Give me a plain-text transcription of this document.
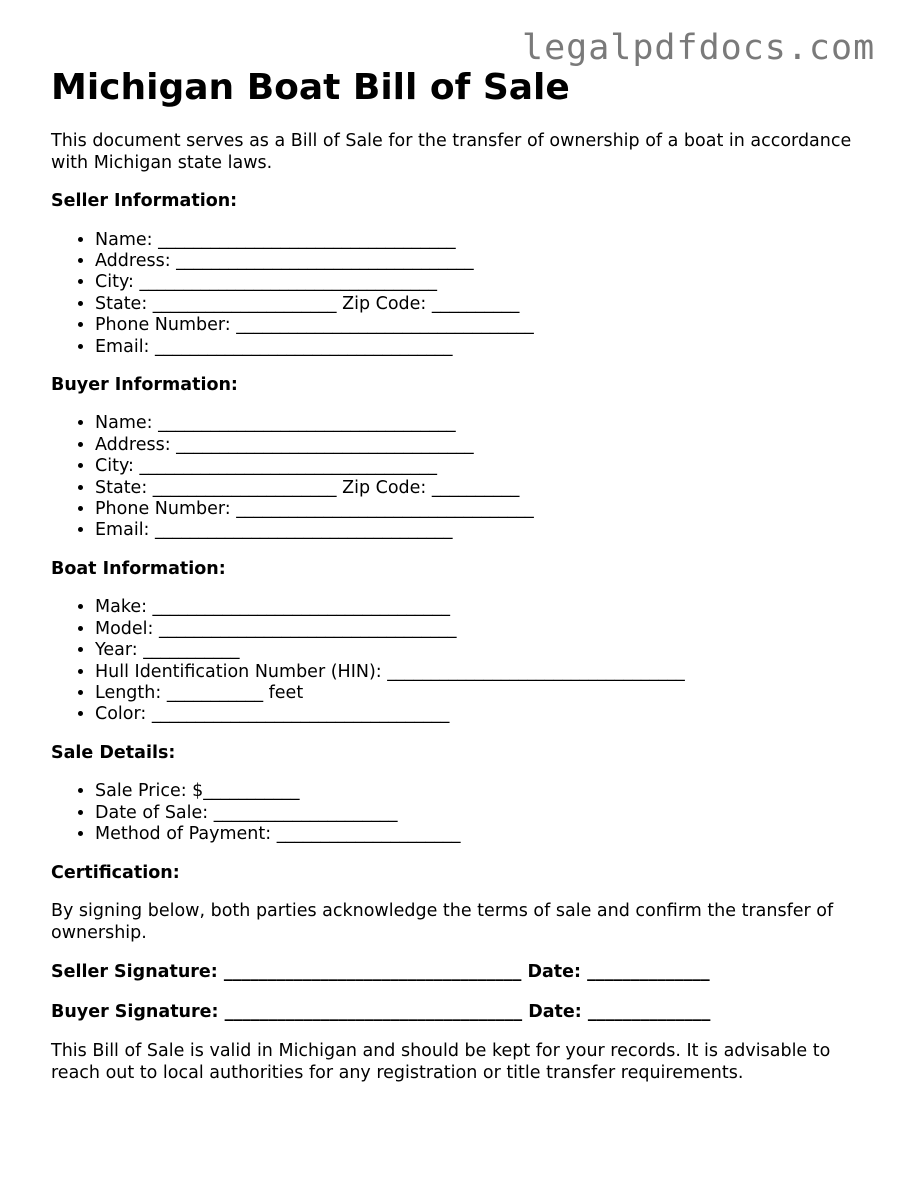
legalpdfdocs.com
Michigan Boat Bill of Sale

This document serves as a Bill of Sale for the transfer of ownership of a boat in accordance with Michigan state laws.

Seller Information:
• Name: __________________________________
• Address: __________________________________
• City: __________________________________
• State: _____________________ Zip Code: __________
• Phone Number: __________________________________
• Email: __________________________________
Buyer Information:
• Name: __________________________________
• Address: __________________________________
• City: __________________________________
• State: _____________________ Zip Code: __________
• Phone Number: __________________________________
• Email: __________________________________
Boat Information:
• Make: __________________________________
• Model: __________________________________
• Year: ___________
• Hull Identification Number (HIN): __________________________________
• Length: ___________ feet
• Color: __________________________________
Sale Details:
• Sale Price: $___________
• Date of Sale: _____________________
• Method of Payment: _____________________
Certification:

By signing below, both parties acknowledge the terms of sale and confirm the transfer of ownership.

Seller Signature: __________________________________ Date: ______________
Buyer Signature: __________________________________ Date: ______________

This Bill of Sale is valid in Michigan and should be kept for your records. It is advisable to reach out to local authorities for any registration or title transfer requirements.
